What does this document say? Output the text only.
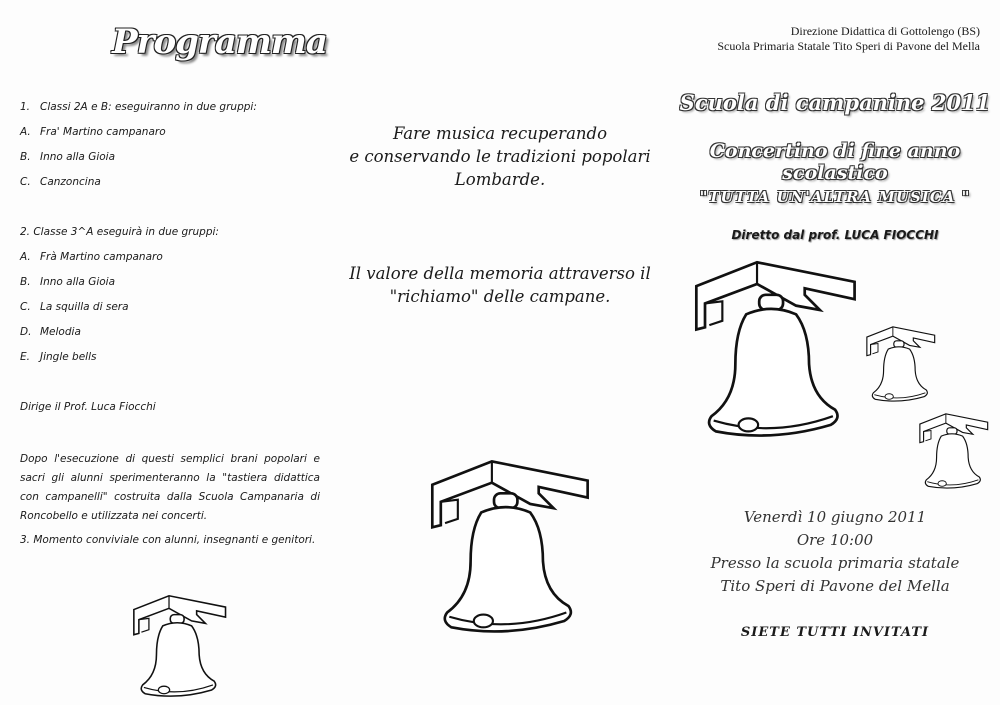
Programma
1. Classi 2A e B: eseguiranno in due gruppi:
A. Fra' Martino campanaro
B. Inno alla Gioia
C. Canzoncina
2. Classe 3^A eseguirà in due gruppi:
A. Frà Martino campanaro
B. Inno alla Gioia
C. La squilla di sera
D. Melodia
E. Jingle bells
Dirige il Prof. Luca Fiocchi

Dopo l'esecuzione di questi semplici brani popolari e sacri gli alunni sperimenteranno la "tastiera didattica con campanelli" costruita dalla Scuola Campanaria di Roncobello e utilizzata nei concerti.

3. Momento conviviale con alunni, insegnanti e genitori.
Fare musica recuperando
e conservando le tradizioni popolari
Lombarde.
Il valore della memoria attraverso il
"richiamo" delle campane.
Direzione Didattica di Gottolengo (BS)
Scuola Primaria Statale Tito Speri di Pavone del Mella
Scuola di campanine 2011
Concertino di fine anno scolastico
"TUTTA UN'ALTRA MUSICA "
Diretto dal prof. LUCA FIOCCHI
Venerdì 10 giugno 2011
Ore 10:00
Presso la scuola primaria statale
Tito Speri di Pavone del Mella
SIETE TUTTI INVITATI
